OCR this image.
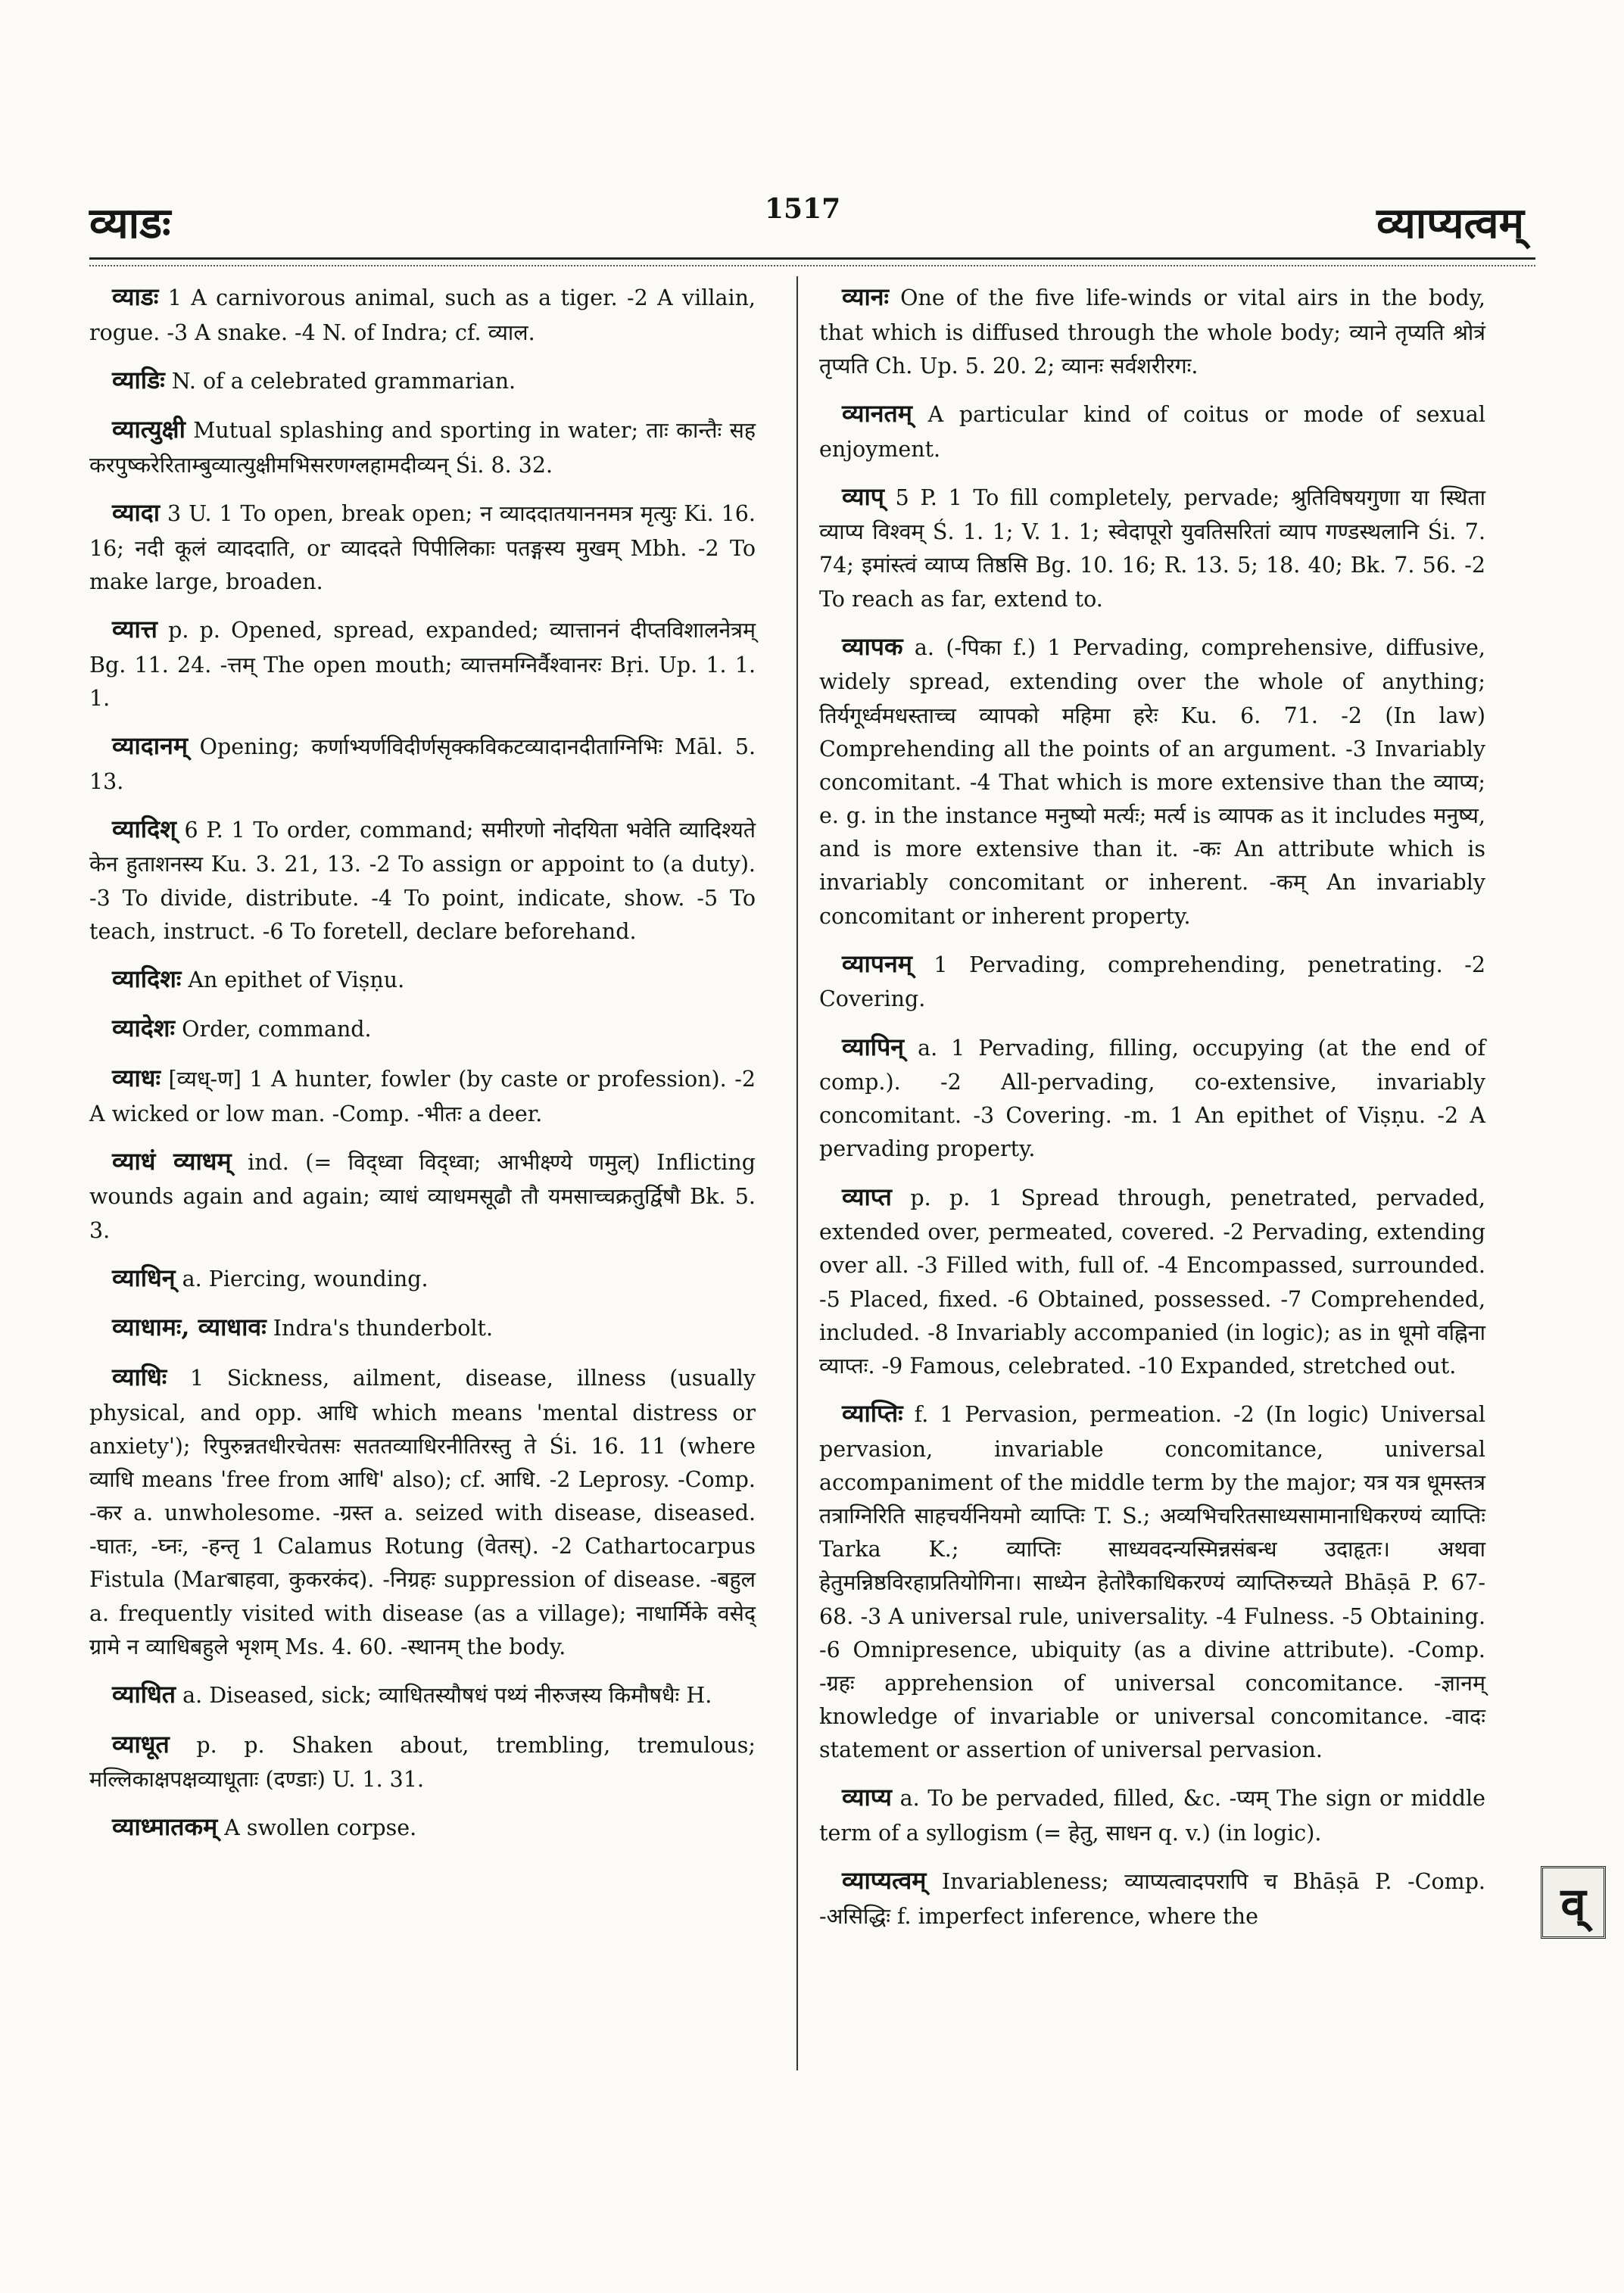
व्याडः	1517	व्याप्यत्वम्

व्याडः 1 A carnivorous animal, such as a tiger. -2 A villain, rogue. -3 A snake. -4 N. of Indra; cf. व्याल.

व्याडिः N. of a celebrated grammarian.

व्यात्युक्षी Mutual splashing and sporting in water; ताः कान्तैः सह करपुष्करेरिताम्बुव्यात्युक्षीमभिसरणग्लहामदीव्यन् Śi. 8. 32.

व्यादा 3 U. 1 To open, break open; न व्याददातयाननमत्र मृत्युः Ki. 16. 16; नदी कूलं व्याददाति, or व्याददते पिपीलिकाः पतङ्गस्य मुखम् Mbh. -2 To make large, broaden.

व्यात्त p. p. Opened, spread, expanded; व्यात्ताननं दीप्तविशालनेत्रम् Bg. 11. 24. -त्तम् The open mouth; व्यात्तमग्निर्वैश्वानरः Bṛi. Up. 1. 1. 1.

व्यादानम् Opening; कर्णाभ्यर्णविदीर्णसृक्कविकटव्यादानदीताग्निभिः Māl. 5. 13.

व्यादिश् 6 P. 1 To order, command; समीरणो नोदयिता भवेति व्यादिश्यते केन हुताशनस्य Ku. 3. 21, 13. -2 To assign or appoint to (a duty). -3 To divide, distribute. -4 To point, indicate, show. -5 To teach, instruct. -6 To foretell, declare beforehand.

व्यादिशः An epithet of Viṣṇu.

व्यादेशः Order, command.

व्याधः [व्यध्-ण] 1 A hunter, fowler (by caste or profession). -2 A wicked or low man. -Comp. -भीतः a deer.

व्याधं व्याधम् ind. (= विद्ध्वा विद्ध्वा; आभीक्ष्ण्ये णमुल्) Inflicting wounds again and again; व्याधं व्याधमसूढौ तौ यमसाच्चक्रतुर्द्विषौ Bk. 5. 3.

व्याधिन् a. Piercing, wounding.

व्याधामः, व्याधावः Indra's thunderbolt.

व्याधिः 1 Sickness, ailment, disease, illness (usually physical, and opp. आधि which means 'mental distress or anxiety'); रिपुरुन्नतधीरचेतसः सततव्याधिरनीतिरस्तु ते Śi. 16. 11 (where व्याधि means 'free from आधि' also); cf. आधि. -2 Leprosy. -Comp. -कर a. unwholesome. -ग्रस्त a. seized with disease, diseased. -घातः, -घ्नः, -हन्तृ 1 Calamus Rotung (वेतस्). -2 Cathartocarpus Fistula (Marबाहवा, कुकरकंद). -निग्रहः suppression of disease. -बहुल a. frequently visited with disease (as a village); नाधार्मिके वसेद् ग्रामे न व्याधिबहुले भृशम् Ms. 4. 60. -स्थानम् the body.

व्याधित a. Diseased, sick; व्याधितस्यौषधं पथ्यं नीरुजस्य किमौषधैः H.

व्याधूत p. p. Shaken about, trembling, tremulous; मल्लिकाक्षपक्षव्याधूताः (दण्डाः) U. 1. 31.

व्याध्मातकम् A swollen corpse.

व्यानः One of the five life-winds or vital airs in the body, that which is diffused through the whole body; व्याने तृप्यति श्रोत्रं तृप्यति Ch. Up. 5. 20. 2; व्यानः सर्वशरीरगः.

व्यानतम् A particular kind of coitus or mode of sexual enjoyment.

व्याप् 5 P. 1 To fill completely, pervade; श्रुतिविषयगुणा या स्थिता व्याप्य विश्वम् Ś. 1. 1; V. 1. 1; स्वेदापूरो युवतिसरितां व्याप गण्डस्थलानि Śi. 7. 74; इमांस्त्वं व्याप्य तिष्ठसि Bg. 10. 16; R. 13. 5; 18. 40; Bk. 7. 56. -2 To reach as far, extend to.

व्यापक a. (-पिका f.) 1 Pervading, comprehensive, diffusive, widely spread, extending over the whole of anything; तिर्यगूर्ध्वमधस्ताच्च व्यापको महिमा हरेः Ku. 6. 71. -2 (In law) Comprehending all the points of an argument. -3 Invariably concomitant. -4 That which is more extensive than the व्याप्य; e. g. in the instance मनुष्यो मर्त्यः; मर्त्य is व्यापक as it includes मनुष्य, and is more extensive than it. -कः An attribute which is invariably concomitant or inherent. -कम् An invariably concomitant or inherent property.

व्यापनम् 1 Pervading, comprehending, penetrating. -2 Covering.

व्यापिन् a. 1 Pervading, filling, occupying (at the end of comp.). -2 All-pervading, co-extensive, invariably concomitant. -3 Covering. -m. 1 An epithet of Viṣṇu. -2 A pervading property.

व्याप्त p. p. 1 Spread through, penetrated, pervaded, extended over, permeated, covered. -2 Pervading, extending over all. -3 Filled with, full of. -4 Encompassed, surrounded. -5 Placed, fixed. -6 Obtained, possessed. -7 Comprehended, included. -8 Invariably accompanied (in logic); as in धूमो वह्निना व्याप्तः. -9 Famous, celebrated. -10 Expanded, stretched out.

व्याप्तिः f. 1 Pervasion, permeation. -2 (In logic) Universal pervasion, invariable concomitance, universal accompaniment of the middle term by the major; यत्र यत्र धूमस्तत्र तत्राग्निरिति साहचर्यनियमो व्याप्तिः T. S.; अव्यभिचरितसाध्यसामानाधिकरण्यं व्याप्तिः Tarka K.; व्याप्तिः साध्यवदन्यस्मिन्नसंबन्ध उदाहृतः। अथवा हेतुमन्निष्ठविरहाप्रतियोगिना। साध्येन हेतोरैकाधिकरण्यं व्याप्तिरुच्यते Bhāṣā P. 67-68. -3 A universal rule, universality. -4 Fulness. -5 Obtaining. -6 Omnipresence, ubiquity (as a divine attribute). -Comp. -ग्रहः apprehension of universal concomitance. -ज्ञानम् knowledge of invariable or universal concomitance. -वादः statement or assertion of universal pervasion.

व्याप्य a. To be pervaded, filled, &c. -प्यम् The sign or middle term of a syllogism (= हेतु, साधन q. v.) (in logic).

व्याप्यत्वम् Invariableness; व्याप्यत्वादपरापि च Bhāṣā P. -Comp. -असिद्धिः f. imperfect inference, where the	व्
